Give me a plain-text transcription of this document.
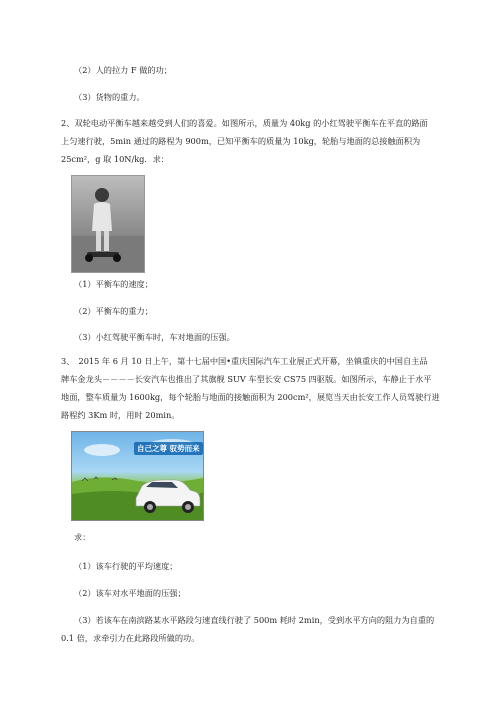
（2）人的拉力 F 做的功；
（3）货物的重力。
2、双轮电动平衡车越来越受到人们的喜爱。如图所示，质量为 40kg 的小红驾驶平衡车在平直的路面
上匀速行驶，5min 通过的路程为 900m，已知平衡车的质量为 10kg，轮胎与地面的总接触面积为
25cm²，g 取 10N/kg．求：
（1）平衡车的速度；
（2）平衡车的重力；
（3）小红驾驶平衡车时，车对地面的压强。
3、　2015 年 6 月 10 日上午，第十七届中国•重庆国际汽车工业展正式开幕，坐镇重庆的中国自主品
牌车金龙头－－－－长安汽车也推出了其旗舰 SUV 车型长安 CS75 四驱版。如图所示，车静止于水平
地面，整车质量为 1600kg，每个轮胎与地面的接触面积为 200cm²，展览当天由长安工作人员驾驶行进
路程约 3Km 时，用时 20min。
自己之尊 驭势而来
求：
（1）该车行驶的平均速度；
（2）该车对水平地面的压强；
（3）若该车在南滨路某水平路段匀速直线行驶了 500m 耗时 2min，受到水平方向的阻力为自重的
0.1 倍，求牵引力在此路段所做的功。
